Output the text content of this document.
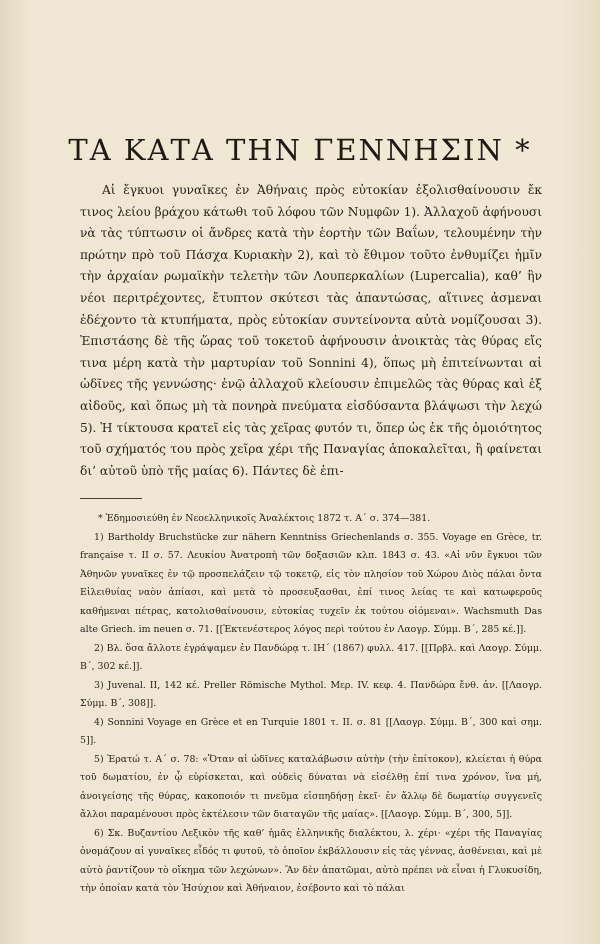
ΤΑ ΚΑΤΑ ΤΗΝ ΓΕΝΝΗΣΙΝ *

Αἱ ἔγκυοι γυναῖκες ἐν Ἀθήναις πρὸς εὐτοκίαν ἐξολισθαίνουσιν ἔκ τινος λείου βράχου κάτωθι τοῦ λόφου τῶν Νυμφῶν 1). Ἀλλαχοῦ ἀφήνουσι νὰ τὰς τύπτωσιν οἱ ἄνδρες κατὰ τὴν ἑορτὴν τῶν Βαΐων, τελουμένην τὴν πρώτην πρὸ τοῦ Πάσχα Κυριακὴν 2), καὶ τὸ ἔθιμον τοῦτο ἐνθυμίζει ἡμῖν τὴν ἀρχαίαν ρωμαϊκὴν τελετὴν τῶν Λουπερκαλίων (Lupercalia), καθ’ ἣν νέοι περιτρέχοντες, ἔτυπτον σκύτεσι τὰς ἀπαντώσας, αἵτινες ἀσμεναι ἐδέχοντο τὰ κτυπήματα, πρὸς εὐτοκίαν συντείνοντα αὐτὰ νομίζουσαι 3). Ἐπιστάσης δὲ τῆς ὥρας τοῦ τοκετοῦ ἀφήνουσιν ἀνοικτὰς τὰς θύρας εἴς τινα μέρη κατὰ τὴν μαρτυρίαν τοῦ Sonnini 4), ὅπως μὴ ἐπιτείνωνται αἱ ὠδῖνες τῆς γεννώσης· ἐνῷ ἀλλαχοῦ κλείουσιν ἐπιμελῶς τὰς θύρας καὶ ἐξ αἰδοῦς, καὶ ὅπως μὴ τὰ πονηρὰ πνεύματα εἰσδύσαντα βλάψωσι τὴν λεχώ 5). Ἡ τίκτουσα κρατεῖ εἰς τὰς χεῖρας φυτόν τι, ὅπερ ὡς ἐκ τῆς ὁμοιότητος τοῦ σχήματός του πρὸς χεῖρα χέρι τῆς Παναγίας ἀποκαλεῖται, ἢ φαίνεται δι’ αὐτοῦ ὑπὸ τῆς μαίας 6). Πάντες δὲ ἐπι-

* Ἐδημοσιεύθη ἐν Νεοελληνικοῖς Ἀναλέκτοις 1872 τ. Α΄ σ. 374—381.

1) Bartholdy Bruchstücke zur nähern Kenntniss Griechenlands σ. 355. Voyage en Grèce, tr. française τ. II σ. 57. Λευκίου Ἀνατροπὴ τῶν δοξασιῶν κλπ. 1843 σ. 43. «Αἱ νῦν ἔγκυοι τῶν Ἀθηνῶν γυναῖκες ἐν τῷ προσπελάζειν τῷ τοκετῷ, εἰς τὸν πλησίον τοῦ Χώρου Διὸς πάλαι ὄντα Εἰλειθυίας ναὸν ἀπίασι, καὶ μετὰ τὸ προσευξασθαι, ἐπί τινος λείας τε καὶ κατωφεροῦς καθήμεναι πέτρας, κατολισθαίνουσιν, εὐτοκίας τυχεῖν ἐκ τούτου οἰόμεναι». Wachsmuth Das alte Griech. im neuen σ. 71. [[Ἐκτενέστερος λόγος περὶ τούτου ἐν Λαογρ. Σύμμ. Β΄, 285 κέ.]].

2) Βλ. ὅσα ἄλλοτε ἐγράψαμεν ἐν Πανδώρᾳ τ. ΙΗ΄ (1867) φυλλ. 417. [[Πρβλ. καὶ Λαογρ. Σύμμ. Β΄, 302 κέ.]].

3) Juvenal. II, 142 κέ. Preller Römische Mythol. Μερ. IV. κεφ. 4. Πανδώρα ἔνθ. ἀν. [[Λαογρ. Σύμμ. Β΄, 308]].

4) Sonnini Voyage en Grèce et en Turquie 1801 τ. II. σ. 81 [[Λαογρ. Σύμμ. Β΄, 300 καὶ σημ. 5]].

5) Ἐρατώ τ. Α΄ σ. 78: «Ὅταν αἱ ὠδῖνες καταλάβωσιν αὐτὴν (τὴν ἐπίτοκον), κλείεται ἡ θύρα τοῦ δωματίου, ἐν ᾧ εὑρίσκεται, καὶ οὐδεὶς δύναται νὰ εἰσέλθῃ ἐπί τινα χρόνον, ἵνα μή, ἀνοιγείσης τῆς θύρας, κακοποιόν τι πνεῦμα εἰσπηδήσῃ ἐκεῖ· ἐν ἄλλῳ δὲ δωματίῳ συγγενεῖς ἄλλοι παραμένουσι πρὸς ἐκτέλεσιν τῶν διαταγῶν τῆς μαίας». [[Λαογρ. Σύμμ. Β΄, 300, 5]].

6) Σκ. Βυζαντίου Λεξικὸν τῆς καθ’ ἡμᾶς ἑλληνικῆς διαλέκτου, λ. χέρι· «χέρι τῆς Παναγίας ὀνομάζουν αἱ γυναῖκες εἶδός τι φυτοῦ, τὸ ὁποῖον ἐκβάλλουσιν εἰς τὰς γέννας, ἀσθένειαι, καὶ μὲ αὐτὸ ῥαντίζουν τὸ οἴκημα τῶν λεχώνων». Ἂν δὲν ἀπατῶμαι, αὐτὸ πρέπει νὰ εἶναι ἡ Γλυκυσίδη, τὴν ὁποίαν κατὰ τὸν Ἡσύχιον καὶ Ἀθήναιον, ἐσέβοντο καὶ τὸ πάλαι
